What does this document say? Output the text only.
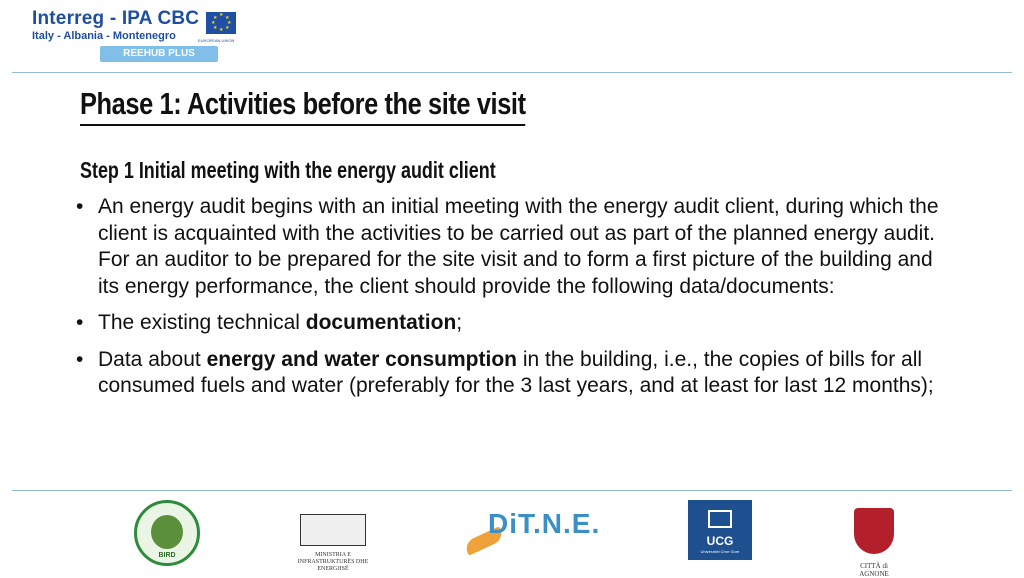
Interreg - IPA CBC	★ ★
★
★
★
★
★
★
EUROPEAN UNION
Italy - Albania - Montenegro
REEHUB PLUS
Phase 1: Activities before the site visit
Step 1 Initial meeting with the energy audit client
• An energy audit begins with an initial meeting with the energy audit client, during which the client is acquainted with the activities to be carried out as part of the planned energy audit. For an auditor to be prepared for the site visit and to form a first picture of the building and its energy performance, the client should provide the following data/documents:
• The existing technical documentation;
• Data about energy and water consumption in the building, i.e., the copies of bills for all consumed fuels and water (preferably for the 3 last years, and at least for last 12 months);
BIRD	MINISTRIA E INFRASTRUKTURËS DHE ENERGJISË
DiT.N.E.
UCG
Univerzitet Crne Gore
CITTÀ di AGNONE
